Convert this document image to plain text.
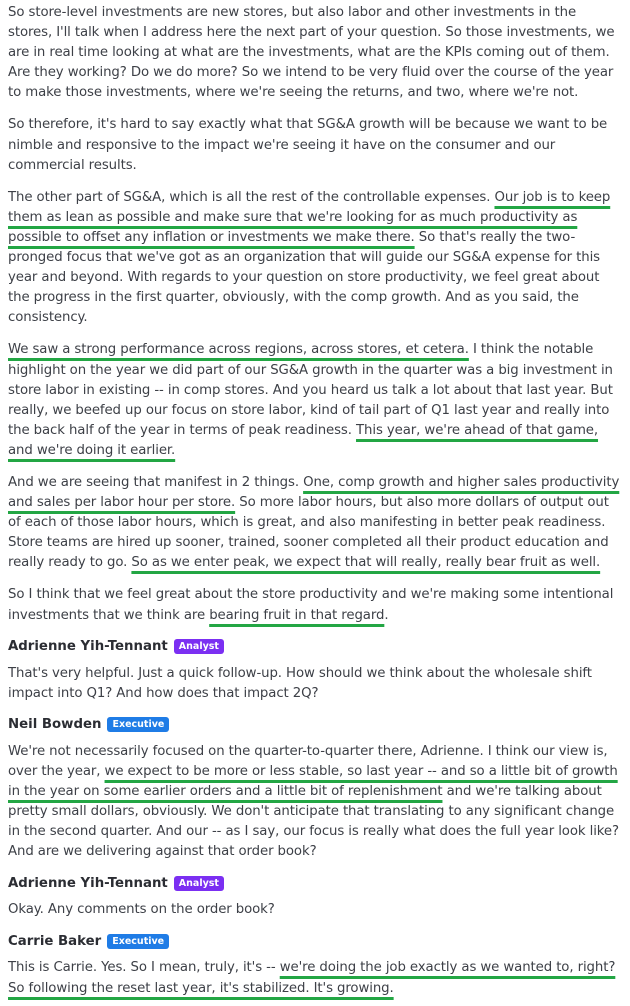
So store-level investments are new stores, but also labor and other investments in the stores, I'll talk when I address here the next part of your question. So those investments, we are in real time looking at what are the investments, what are the KPIs coming out of them. Are they working? Do we do more? So we intend to be very fluid over the course of the year to make those investments, where we're seeing the returns, and two, where we're not.

So therefore, it's hard to say exactly what that SG&A growth will be because we want to be nimble and responsive to the impact we're seeing it have on the consumer and our commercial results.

The other part of SG&A, which is all the rest of the controllable expenses. Our job is to keep them as lean as possible and make sure that we're looking for as much productivity as possible to offset any inflation or investments we make there. So that's really the two-pronged focus that we've got as an organization that will guide our SG&A expense for this year and beyond. With regards to your question on store productivity, we feel great about the progress in the first quarter, obviously, with the comp growth. And as you said, the consistency.

We saw a strong performance across regions, across stores, et cetera. I think the notable highlight on the year we did part of our SG&A growth in the quarter was a big investment in store labor in existing -- in comp stores. And you heard us talk a lot about that last year. But really, we beefed up our focus on store labor, kind of tail part of Q1 last year and really into the back half of the year in terms of peak readiness. This year, we're ahead of that game, and we're doing it earlier.

And we are seeing that manifest in 2 things. One, comp growth and higher sales productivity and sales per labor hour per store. So more labor hours, but also more dollars of output out of each of those labor hours, which is great, and also manifesting in better peak readiness. Store teams are hired up sooner, trained, sooner completed all their product education and really ready to go. So as we enter peak, we expect that will really, really bear fruit as well.

So I think that we feel great about the store productivity and we're making some intentional investments that we think are bearing fruit in that regard.

Adrienne Yih-Tennant	Analyst

That's very helpful. Just a quick follow-up. How should we think about the wholesale shift impact into Q1? And how does that impact 2Q?

Neil Bowden	Executive

We're not necessarily focused on the quarter-to-quarter there, Adrienne. I think our view is, over the year, we expect to be more or less stable, so last year -- and so a little bit of growth in the year on some earlier orders and a little bit of replenishment and we're talking about pretty small dollars, obviously. We don't anticipate that translating to any significant change in the second quarter. And our -- as I say, our focus is really what does the full year look like? And are we delivering against that order book?

Adrienne Yih-Tennant	Analyst

Okay. Any comments on the order book?

Carrie Baker	Executive

This is Carrie. Yes. So I mean, truly, it's -- we're doing the job exactly as we wanted to, right? So following the reset last year, it's stabilized. It's growing.
